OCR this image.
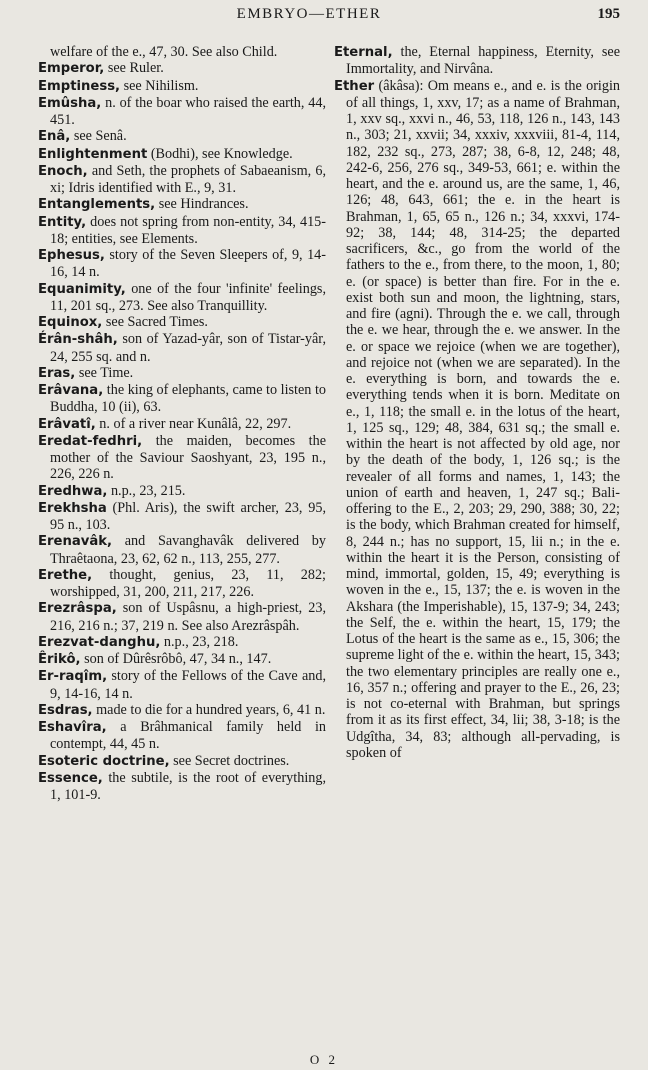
EMBRYO—ETHER	195

welfare of the e., 47, 30. See also Child.

Emperor, see Ruler.

Emptiness, see Nihilism.

Emûsha, n. of the boar who raised the earth, 44, 451.

Enâ, see Senâ.

Enlightenment (Bodhi), see Knowledge.

Enoch, and Seth, the prophets of Sabaeanism, 6, xi; Idris identified with E., 9, 31.

Entanglements, see Hindrances.

Entity, does not spring from non-entity, 34, 415-18; entities, see Elements.

Ephesus, story of the Seven Sleepers of, 9, 14-16, 14 n.

Equanimity, one of the four 'infinite' feelings, 11, 201 sq., 273. See also Tranquillity.

Equinox, see Sacred Times.

Érân-shâh, son of Yazad-yâr, son of Tistar-yâr, 24, 255 sq. and n.

Eras, see Time.

Erâvana, the king of elephants, came to listen to Buddha, 10 (ii), 63.

Erâvatî, n. of a river near Kunâlâ, 22, 297.

Eredat-fedhri, the maiden, becomes the mother of the Saviour Saoshyant, 23, 195 n., 226, 226 n.

Eredhwa, n.p., 23, 215.

Erekhsha (Phl. Aris), the swift archer, 23, 95, 95 n., 103.

Erenavâk, and Savanghavâk delivered by Thraêtaona, 23, 62, 62 n., 113, 255, 277.

Erethe, thought, genius, 23, 11, 282; worshipped, 31, 200, 211, 217, 226.

Erezrâspa, son of Uspâsnu, a high-priest, 23, 216, 216 n.; 37, 219 n. See also Arezrâspâh.

Erezvat-danghu, n.p., 23, 218.

Êrikô, son of Dûrêsrôbô, 47, 34 n., 147.

Er-raqîm, story of the Fellows of the Cave and, 9, 14-16, 14 n.

Esdras, made to die for a hundred years, 6, 41 n.

Eshavîra, a Brâhmanical family held in contempt, 44, 45 n.

Esoteric doctrine, see Secret doctrines.

Essence, the subtile, is the root of everything, 1, 101-9.

Eternal, the, Eternal happiness, Eternity, see Immortality, and Nirvâna.

Ether (âkâsa): Om means e., and e. is the origin of all things, 1, xxv, 17; as a name of Brahman, 1, xxv sq., xxvi n., 46, 53, 118, 126 n., 143, 143 n., 303; 21, xxvii; 34, xxxiv, xxxviii, 81-4, 114, 182, 232 sq., 273, 287; 38, 6-8, 12, 248; 48, 242-6, 256, 276 sq., 349-53, 661; e. within the heart, and the e. around us, are the same, 1, 46, 126; 48, 643, 661; the e. in the heart is Brahman, 1, 65, 65 n., 126 n.; 34, xxxvi, 174-92; 38, 144; 48, 314-25; the departed sacrificers, &c., go from the world of the fathers to the e., from there, to the moon, 1, 80; e. (or space) is better than fire. For in the e. exist both sun and moon, the lightning, stars, and fire (agni). Through the e. we call, through the e. we hear, through the e. we answer. In the e. or space we rejoice (when we are together), and rejoice not (when we are separated). In the e. everything is born, and towards the e. everything tends when it is born. Meditate on e., 1, 118; the small e. in the lotus of the heart, 1, 125 sq., 129; 48, 384, 631 sq.; the small e. within the heart is not affected by old age, nor by the death of the body, 1, 126 sq.; is the revealer of all forms and names, 1, 143; the union of earth and heaven, 1, 247 sq.; Bali-offering to the E., 2, 203; 29, 290, 388; 30, 22; is the body, which Brahman created for himself, 8, 244 n.; has no support, 15, lii n.; in the e. within the heart it is the Person, consisting of mind, immortal, golden, 15, 49; everything is woven in the e., 15, 137; the e. is woven in the Akshara (the Imperishable), 15, 137-9; 34, 243; the Self, the e. within the heart, 15, 179; the Lotus of the heart is the same as e., 15, 306; the supreme light of the e. within the heart, 15, 343; the two elementary principles are really one e., 16, 357 n.; offering and prayer to the E., 26, 23; is not co-eternal with Brahman, but springs from it as its first effect, 34, lii; 38, 3-18; is the Udgîtha, 34, 83; although all-pervading, is spoken of

O 2
